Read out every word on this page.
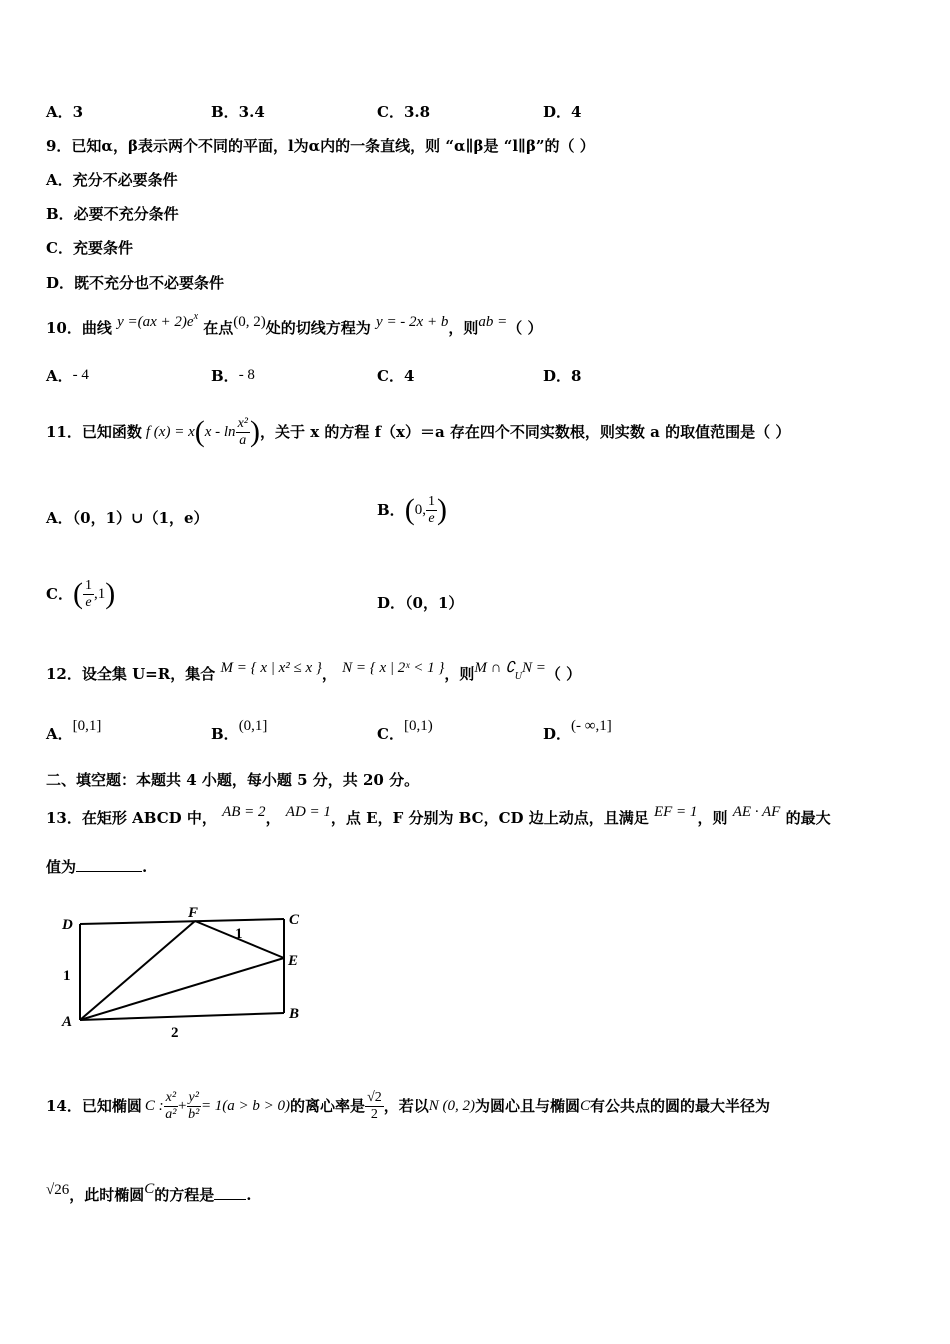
A．3	B．3.4	C．3.8	D．4
9．已知α，β表示两个不同的平面，l为α内的一条直线，则 “α∥β是 “l∥β”的（ ）
A．充分不必要条件
B．必要不充分条件
C．充要条件
D．既不充分也不必要条件
10．曲线 $y =(ax + 2)e^x$ 在点(0, 2)处的切线方程为 y = - 2x + b，则ab =（ ）
A．- 4	B．- 8	C．4	D．8
11．已知函数 f (x) = x ( x - $\ln \frac{\text{x²}}{a}$ ) ，关于 x 的方程 f（x）＝a 存在四个不同实数根，则实数 a 的取值范围是（ ）
A．（0，1）∪（1，e）	B． ( 0, $\frac{1}{e}$ )
C． ( $\frac{1}{e} ,1$ )	D．（0，1）
12．设全集 U=R，集合 M = { x | x² ≤ x }， N = { x | 2ˣ < 1 }，则M ∩ ∁UN =（ ）
A．[0,1]	B．(0,1]	C．[0,1)	D．(- ∞,1]
二、填空题：本题共 4 小题，每小题 5 分，共 20 分。
13．在矩形 ABCD 中， AB = 2， AD = 1，点 E，F 分别为 BC，CD 边上动点，且满足 EF = 1，则 AE · AF 的最大
值为	.
D
F	C
E
A	B
1
1
2
14．已知椭圆 C : $\frac{\text{x²}}{\text{a²}} + \frac{\text{y²}}{\text{b²}} = 1(a > b > 0)$ 的离心率是 $\frac{√2}{2}$ ，若以 N (0, 2) 为圆心且与椭圆 C 有公共点的圆的最大半径为
√26，此时椭圆C的方程是 .
